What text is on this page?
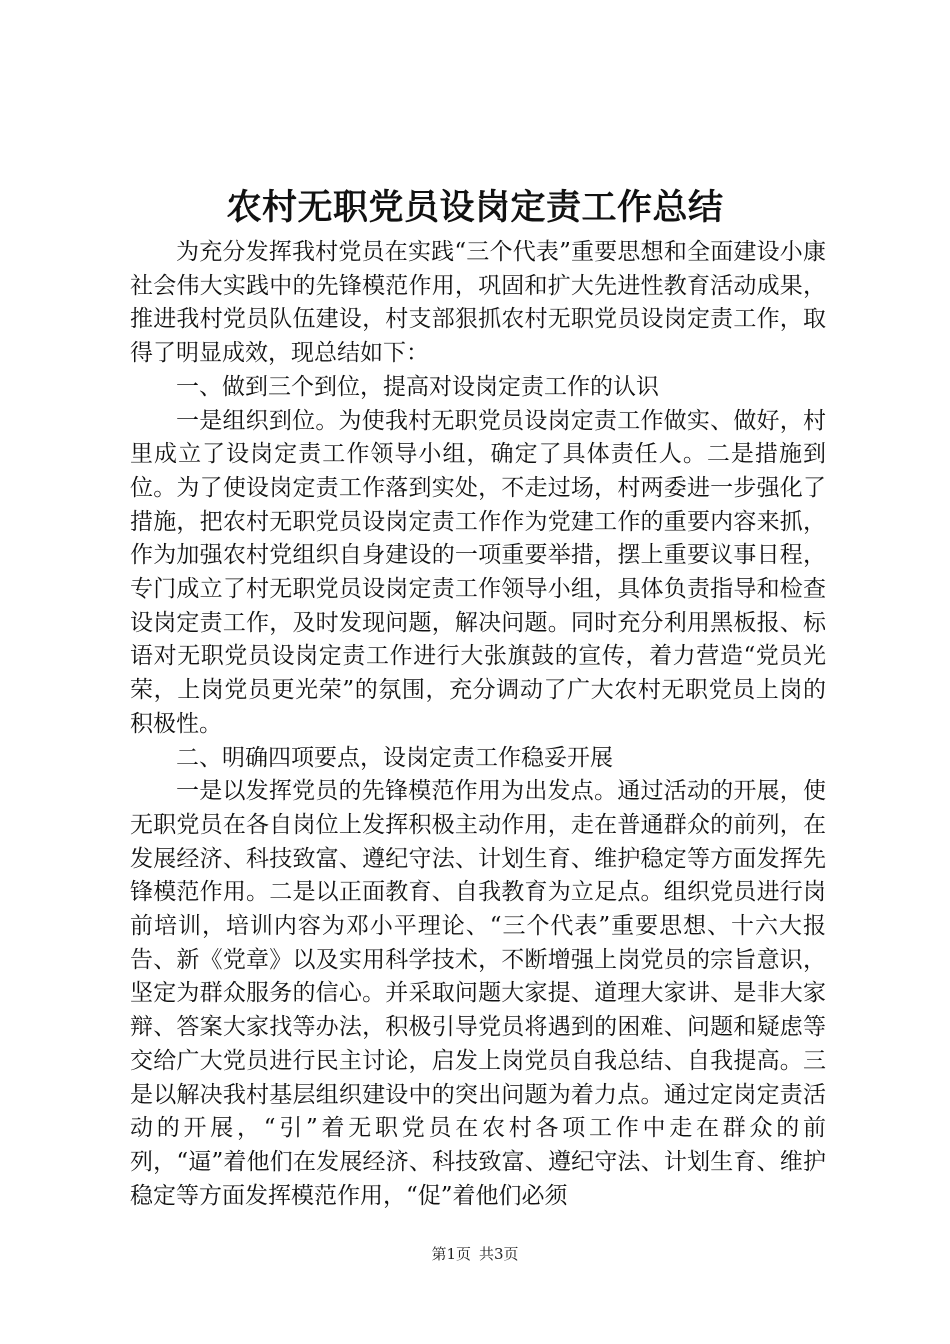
农村无职党员设岗定责工作总结

为充分发挥我村党员在实践“三个代表”重要思想和全面建设小康社会伟大实践中的先锋模范作用，巩固和扩大先进性教育活动成果，推进我村党员队伍建设，村支部狠抓农村无职党员设岗定责工作，取得了明显成效，现总结如下：

一、做到三个到位，提高对设岗定责工作的认识

一是组织到位。为使我村无职党员设岗定责工作做实、做好，村里成立了设岗定责工作领导小组，确定了具体责任人。二是措施到位。为了使设岗定责工作落到实处，不走过场，村两委进一步强化了措施，把农村无职党员设岗定责工作作为党建工作的重要内容来抓，作为加强农村党组织自身建设的一项重要举措，摆上重要议事日程，专门成立了村无职党员设岗定责工作领导小组，具体负责指导和检查设岗定责工作，及时发现问题，解决问题。同时充分利用黑板报、标语对无职党员设岗定责工作进行大张旗鼓的宣传，着力营造“党员光荣，上岗党员更光荣”的氛围，充分调动了广大农村无职党员上岗的积极性。

二、明确四项要点，设岗定责工作稳妥开展

一是以发挥党员的先锋模范作用为出发点。通过活动的开展，使无职党员在各自岗位上发挥积极主动作用，走在普通群众的前列，在发展经济、科技致富、遵纪守法、计划生育、维护稳定等方面发挥先锋模范作用。二是以正面教育、自我教育为立足点。组织党员进行岗前培训，培训内容为邓小平理论、“三个代表”重要思想、十六大报告、新《党章》以及实用科学技术，不断增强上岗党员的宗旨意识，坚定为群众服务的信心。并采取问题大家提、道理大家讲、是非大家辩、答案大家找等办法，积极引导党员将遇到的困难、问题和疑虑等交给广大党员进行民主讨论，启发上岗党员自我总结、自我提高。三是以解决我村基层组织建设中的突出问题为着力点。通过定岗定责活动的开展，“引”着无职党员在农村各项工作中走在群众的前列，“逼”着他们在发展经济、科技致富、遵纪守法、计划生育、维护稳定等方面发挥模范作用，“促”着他们必须

第1页 共3页
